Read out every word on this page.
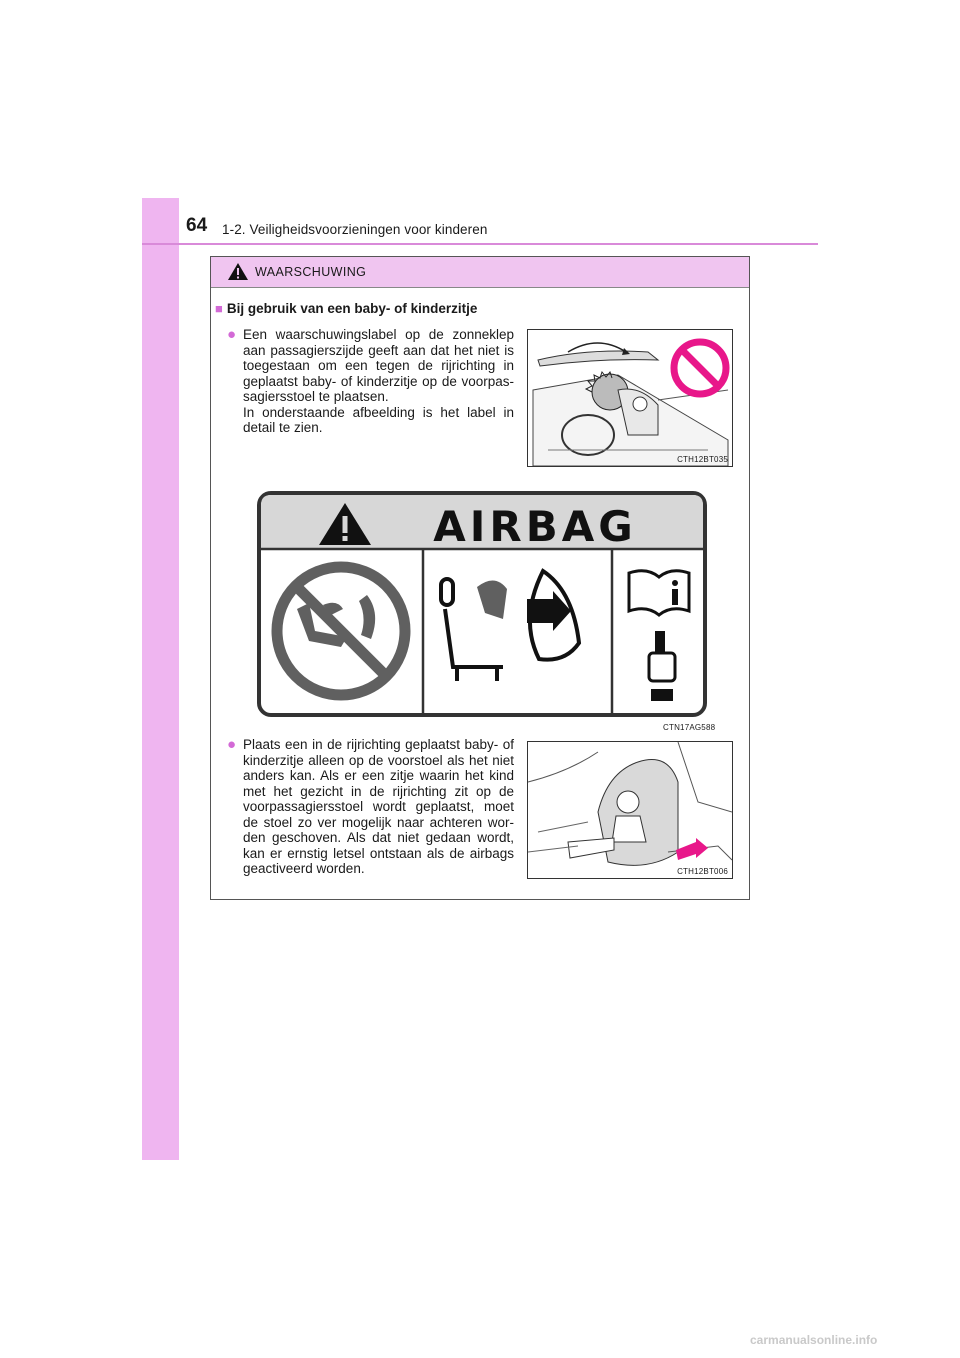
64 1-2. Veiligheidsvoorzieningen voor kinderen
WAARSCHUWING
■ Bij gebruik van een baby- of kinderzitje
● Een waarschuwingslabel op de zonneklep aan passagierszijde geeft aan dat het niet is toegestaan om een tegen de rijrichting in geplaatst baby- of kinderzitje op de voorpas-sagiersstoel te plaatsen.
In onderstaande afbeelding is het label in detail te zien.
CTH12BT035
AIRBAG
CTN17AG588
● Plaats een in de rijrichting geplaatst baby- of kinderzitje alleen op de voorstoel als het niet anders kan. Als er een zitje waarin het kind met het gezicht in de rijrichting zit op de voorpassagiersstoel wordt geplaatst, moet de stoel zo ver mogelijk naar achteren wor-den geschoven. Als dat niet gedaan wordt, kan er ernstig letsel ontstaan als de airbags geactiveerd worden.	CTH12BT006
carmanualsonline.info
